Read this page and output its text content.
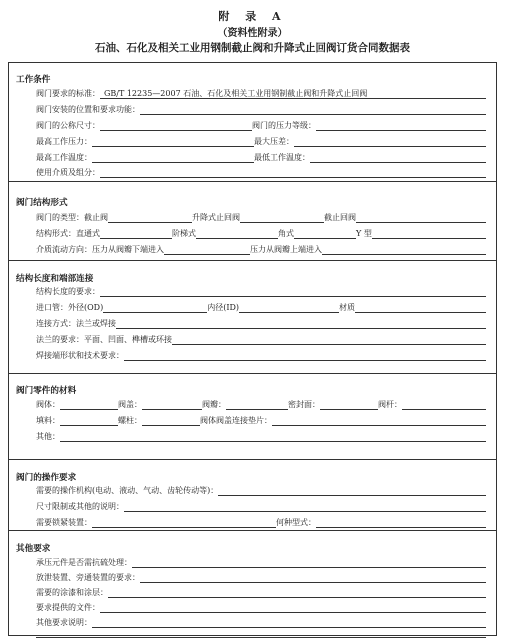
附 录 A
（资料性附录）
石油、石化及相关工业用钢制截止阀和升降式止回阀订货合同数据表
工作条件
阀门要求的标准： GB/T 12235—2007 石油、石化及相关工业用钢制截止阀和升降式止回阀
阀门安装的位置和要求功能：
阀门的公称尺寸：	阀门的压力等级：
最高工作压力：	最大压差：
最高工作温度：	最低工作温度：
使用介质及组分：
阀门结构形式
阀门的类型：截止阀	升降式止回阀	截止回阀
结构形式：直通式	阶梯式	角式	Y 型
介质流动方向：压力从阀瓣下端进入	压力从阀瓣上端进入
结构长度和端部连接
结构长度的要求：
进口管：外径(OD)	内径(ID)	材质
连接方式：法兰或焊接
法兰的要求：平面、凹面、榫槽或环接
焊接端形状和技术要求：
阀门零件的材料
阀体：	阀盖：	阀瓣：	密封面：	阀杆：
填料：	螺柱：	阀体阀盖连接垫片：
其他：
阀门的操作要求
需要的操作机构(电动、液动、气动、齿轮传动等)：
尺寸限制或其他的说明：
需要锁紧装置：	何种型式：
其他要求
承压元件是否需抗硫处理：
放泄装置、旁通装置的要求：
需要的涂漆和涂层：
要求提供的文件：
其他要求说明：
